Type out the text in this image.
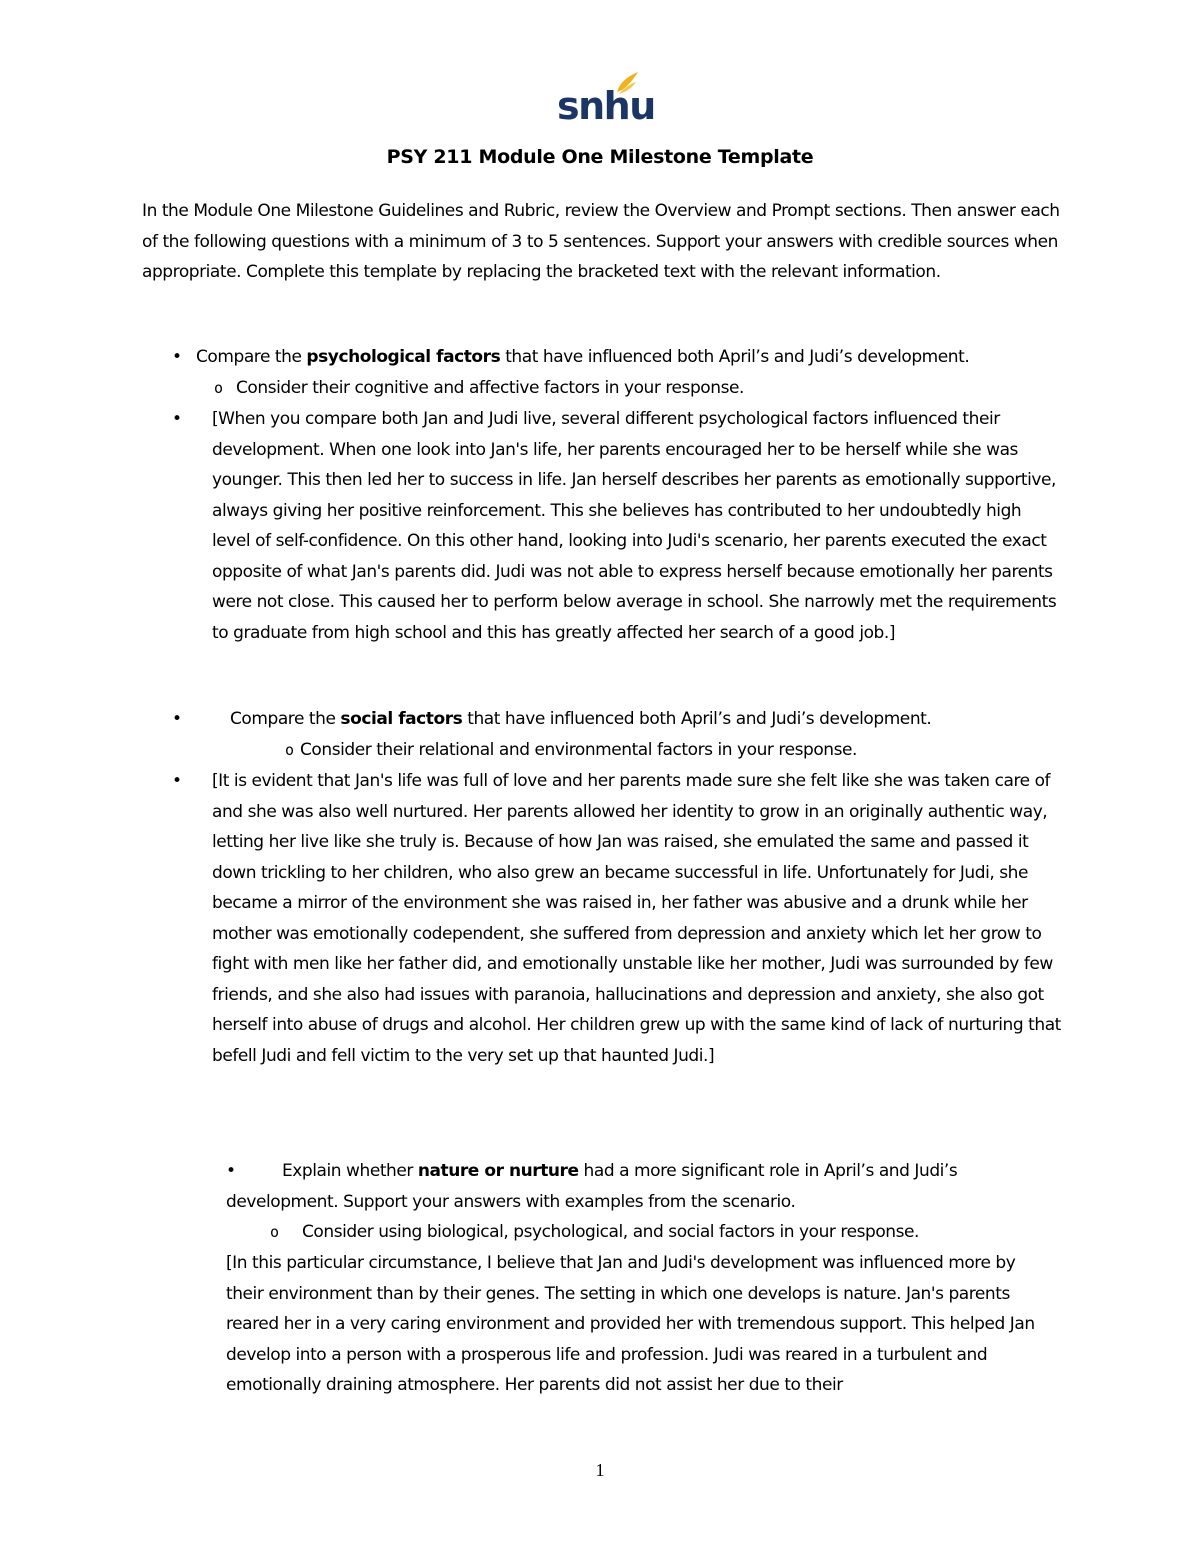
snhu
PSY 211 Module One Milestone Template
In the Module One Milestone Guidelines and Rubric, review the Overview and Prompt sections. Then answer each of the following questions with a minimum of 3 to 5 sentences. Support your answers with credible sources when appropriate. Complete this template by replacing the bracketed text with the relevant information.
• Compare the psychological factors that have influenced both April’s and Judi’s development.
o Consider their cognitive and affective factors in your response.
• [When you compare both Jan and Judi live, several different psychological factors influenced their development. When one look into Jan's life, her parents encouraged her to be herself while she was younger. This then led her to success in life. Jan herself describes her parents as emotionally supportive, always giving her positive reinforcement. This she believes has contributed to her undoubtedly high level of self-confidence. On this other hand, looking into Judi's scenario, her parents executed the exact opposite of what Jan's parents did. Judi was not able to express herself because emotionally her parents were not close. This caused her to perform below average in school. She narrowly met the requirements to graduate from high school and this has greatly affected her search of a good job.]
•	Compare the social factors that have influenced both April’s and Judi’s development.
o Consider their relational and environmental factors in your response.
• [It is evident that Jan's life was full of love and her parents made sure she felt like she was taken care of and she was also well nurtured. Her parents allowed her identity to grow in an originally authentic way, letting her live like she truly is. Because of how Jan was raised, she emulated the same and passed it down trickling to her children, who also grew an became successful in life. Unfortunately for Judi, she became a mirror of the environment she was raised in, her father was abusive and a drunk while her mother was emotionally codependent, she suffered from depression and anxiety which let her grow to fight with men like her father did, and emotionally unstable like her mother, Judi was surrounded by few friends, and she also had issues with paranoia, hallucinations and depression and anxiety, she also got herself into abuse of drugs and alcohol. Her children grew up with the same kind of lack of nurturing that befell Judi and fell victim to the very set up that haunted Judi.]
•	Explain whether nature or nurture had a more significant role in April’s and Judi’s development. Support your answers with examples from the scenario.
o Consider using biological, psychological, and social factors in your response.
[In this particular circumstance, I believe that Jan and Judi's development was influenced more by their environment than by their genes. The setting in which one develops is nature. Jan's parents reared her in a very caring environment and provided her with tremendous support. This helped Jan develop into a person with a prosperous life and profession. Judi was reared in a turbulent and emotionally draining atmosphere. Her parents did not assist her due to their
1
